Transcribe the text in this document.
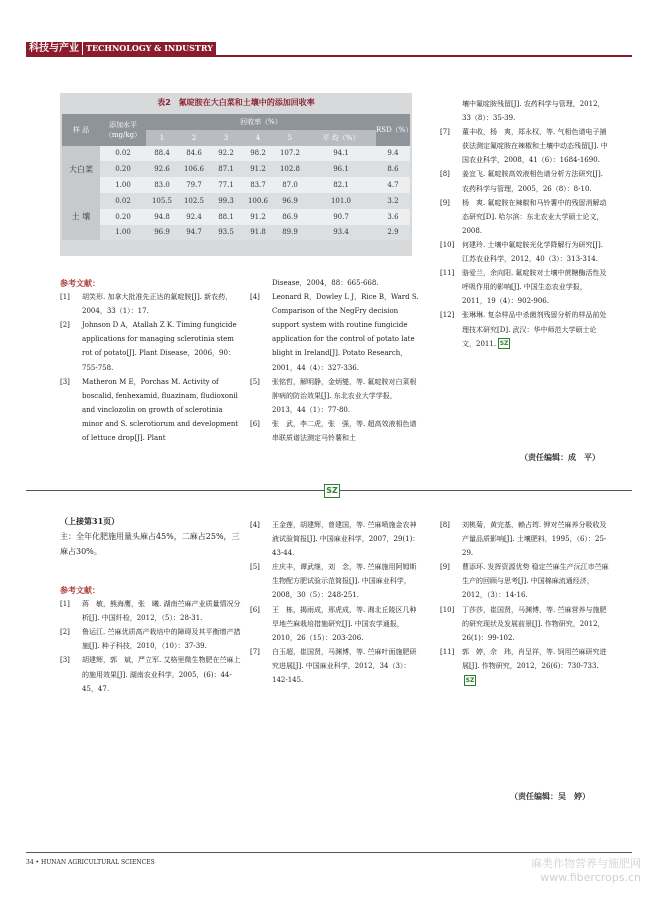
科技与产业 TECHNOLOGY & INDUSTRY
表2　氟啶胺在大白菜和土壤中的添加回收率
样 品	添加水平（mg/kg）	回收率（%）						RSD（%）
		1	2	3	4	5	平 均（%）	
大白菜	0.02	88.4	84.6	92.2	98.2	107.2	94.1	9.4
	0.20	92.6	106.6	87.1	91.2	102.8	96.1	8.6
	1.00	83.0	79.7	77.1	83.7	87.0	82.1	4.7
土 壤	0.02	105.5	102.5	99.3	100.6	96.9	101.0	3.2
	0.20	94.8	92.4	88.1	91.2	86.9	90.7	3.6
	1.00	96.9	94.7	93.5	91.8	89.9	93.4	2.9
参考文献：
[1]	胡笑形. 加拿大批准先正达的氟啶胺[J]. 新农药，2004，33（1）：17.
[2]	Johnson D A，Atallah Z K. Timing fungicide applications for managing sclerotinia stem rot of potato[J]. Plant Disease，2006，90：755-758.
[3]	Matheron M E，Porchas M. Activity of boscalid, fenhexamid, fluazinam, fludioxonil and vinclozolin on growth of sclerotinia minor and S. sclerotiorum and development of lettuce drop[J]. Plant
Disease，2004，88：665-668.
[4]	Leonard R，Dowley L J，Rice B，Ward S. Comparison of the NegFry decision support system with routine fungicide application for the control of potato late blight in Ireland[J]. Potato Research，2001，44（4）：327-336.
[5]	张铭哲，解明静，金炳燮，等. 氟啶胺对白菜根肿病的防治效果[J]. 东北农业大学学报，2013，44（1）：77-80.
[6]	张　武，李二虎，张　强，等. 超高效液相色谱串联质谱法测定马铃薯和土
壤中氟啶胺残留[J]. 农药科学与管理，2012，33（8）：35-39.
[7]	董丰收，杨　爽，郑永权，等. 气相色谱电子捕获法测定氟啶胺在辣椒和土壤中动态残留[J]. 中国农业科学，2008，41（6）：1684-1690.
[8]	姜宜飞. 氟啶胺高效液相色谱分析方法研究[J]. 农药科学与管理，2005，26（8）：8-10.
[9]	杨　爽. 氟啶胺在辣椒和马铃薯中的残留消解动态研究[D]. 哈尔滨：东北农业大学硕士论文，2008.
[10]	何建玲. 土壤中氟啶胺光化学降解行为研究[J]. 江苏农业科学，2012，40（3）：313-314.
[11]	骆爱兰，余向阳. 氟啶胺对土壤中蔗糖酶活性及呼吸作用的影响[J]. 中国生态农业学报，2011，19（4）：902-906.
[12]	张琳琳. 复杂样品中杀菌剂残留分析的样品前处理技术研究[D]. 武汉：华中师范大学硕士论文，2011. SZ
（责任编辑：成　平）
SZ
（上接第31页）
主：全年化肥施用量头麻占45%，二麻占25%，三麻占30%。
参考文献：
[1]	蒋　敏，熊海鹰，张　曦. 湖南苎麻产业质量情况分析[J]. 中国纤检，2012，（5）：28-31.
[2]	鲁运江. 苎麻优质高产栽培中的障碍及其平衡增产措施[J]. 种子科技，2010，（10）：37-39.
[3]	胡建辉，郭　斌，严立军. 艾格里微生物肥在苎麻上的施用效果[J]. 湖南农业科学，2005，(6)：44-45，47.
[4]	王金莲，胡建辉，曾建国，等. 苎麻喷施金农神液试验简报[J]. 中国麻业科学，2007，29(1)：43-44.
[5]	庄庆丰，谭武继，刘　念，等. 苎麻施用阿姆斯生物配方肥试验示范简报[J]. 中国麻业科学，2008，30（5）：248-251.
[6]	王　栋，揭雨成，邢虎成，等. 湘北丘陵区几种旱地苎麻栽培措施研究[J]. 中国农学通报，2010，26（15）：203-206.
[7]	白玉超，崔国贤，马渊博，等. 苎麻叶面施肥研究进展[J]. 中国麻业科学，2012，34（3）：142-145.
[8]	刘桃菊，黄完基，赖占筠. 钾对苎麻养分吸收及产量品质影响[J]. 土壤肥料，1995，（6）：25-29.
[9]	曹添环. 发挥资源优势 稳定苎麻生产沅江市苎麻生产的回顾与思考[J]. 中国棉麻流通经济，2012，（3）：14-16.
[10]	丁莎莎，崔国贤，马渊博，等. 苎麻营养与施肥的研究现状及发展前景[J]. 作物研究，2012，26(1)：99-102.
[11]	郭　婷，佘　玮，肖呈祥，等. 饲用苎麻研究进展[J]. 作物研究，2012，26(6)：730-733.SZ
（责任编辑：吴　婷）
34 • HUNAN AGRICULTURAL SCIENCES	麻类作物营养与施肥网
www.fibercrops.cn
